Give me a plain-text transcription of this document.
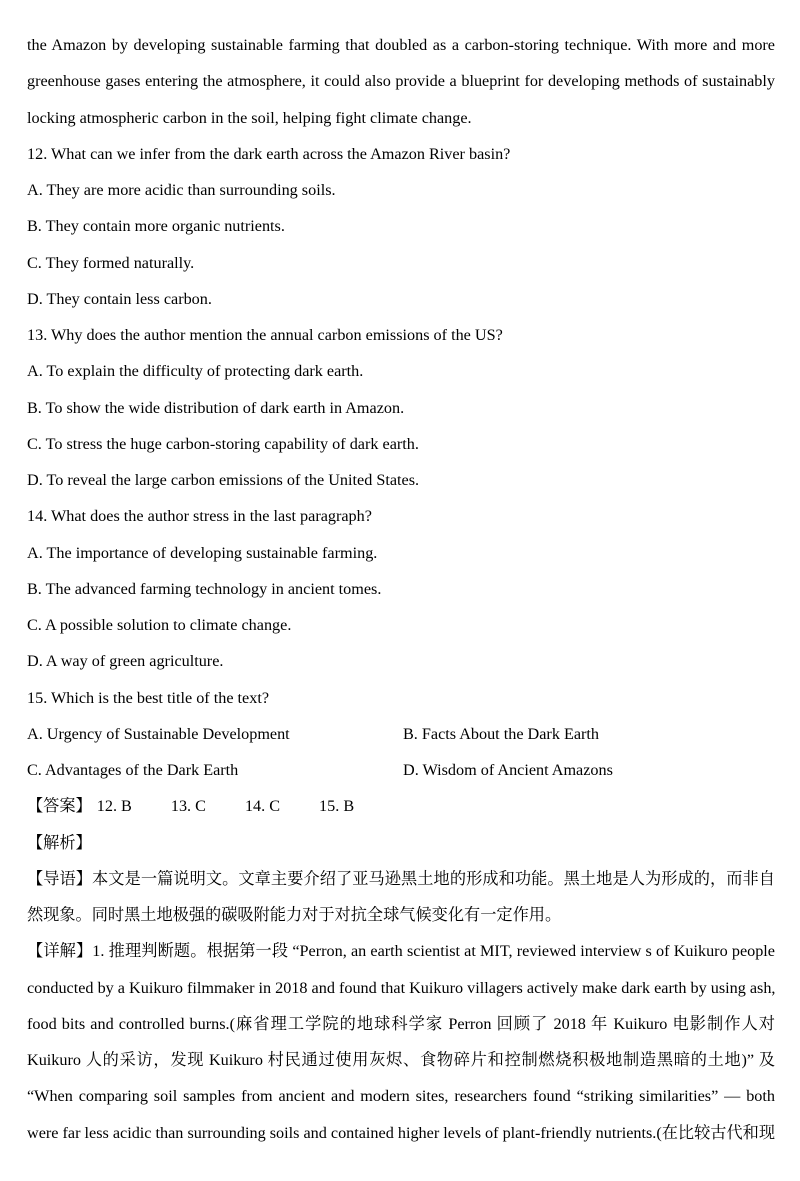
the Amazon by developing sustainable farming that doubled as a carbon-storing technique. With more and more
greenhouse gases entering the atmosphere, it could also provide a blueprint for developing methods of sustainably
locking atmospheric carbon in the soil, helping fight climate change.
12. What can we infer from the dark earth across the Amazon River basin?
A. They are more acidic than surrounding soils.
B. They contain more organic nutrients.
C. They formed naturally.
D. They contain less carbon.
13. Why does the author mention the annual carbon emissions of the US?
A. To explain the difficulty of protecting dark earth.
B. To show the wide distribution of dark earth in Amazon.
C. To stress the huge carbon-storing capability of dark earth.
D. To reveal the large carbon emissions of the United States.
14. What does the author stress in the last paragraph?
A. The importance of developing sustainable farming.
B. The advanced farming technology in ancient tomes.
C. A possible solution to climate change.
D. A way of green agriculture.
15. Which is the best title of the text?
A. Urgency of Sustainable Development	B. Facts About the Dark Earth
C. Advantages of the Dark Earth	D. Wisdom of Ancient Amazons
【答案】 12. B 13. C 14. C 15. B
【解析】
【导语】本文是一篇说明文。文章主要介绍了亚马逊黑土地的形成和功能。黑土地是人为形成的，而非自
然现象。同时黑土地极强的碳吸附能力对于对抗全球气候变化有一定作用。
【详解】1. 推理判断题。根据第一段 “Perron, an earth scientist at MIT, reviewed interview s of Kuikuro people
conducted by a Kuikuro filmmaker in 2018 and found that Kuikuro villagers actively make dark earth by using ash,
food bits and controlled burns.(麻省理工学院的地球科学家 Perron 回顾了 2018 年 Kuikuro 电影制作人对
Kuikuro 人的采访，发现 Kuikuro 村民通过使用灰烬、食物碎片和控制燃烧积极地制造黑暗的土地)” 及
“When comparing soil samples from ancient and modern sites, researchers found “striking similarities” — both
were far less acidic than surrounding soils and contained higher levels of plant-friendly nutrients.(在比较古代和现
